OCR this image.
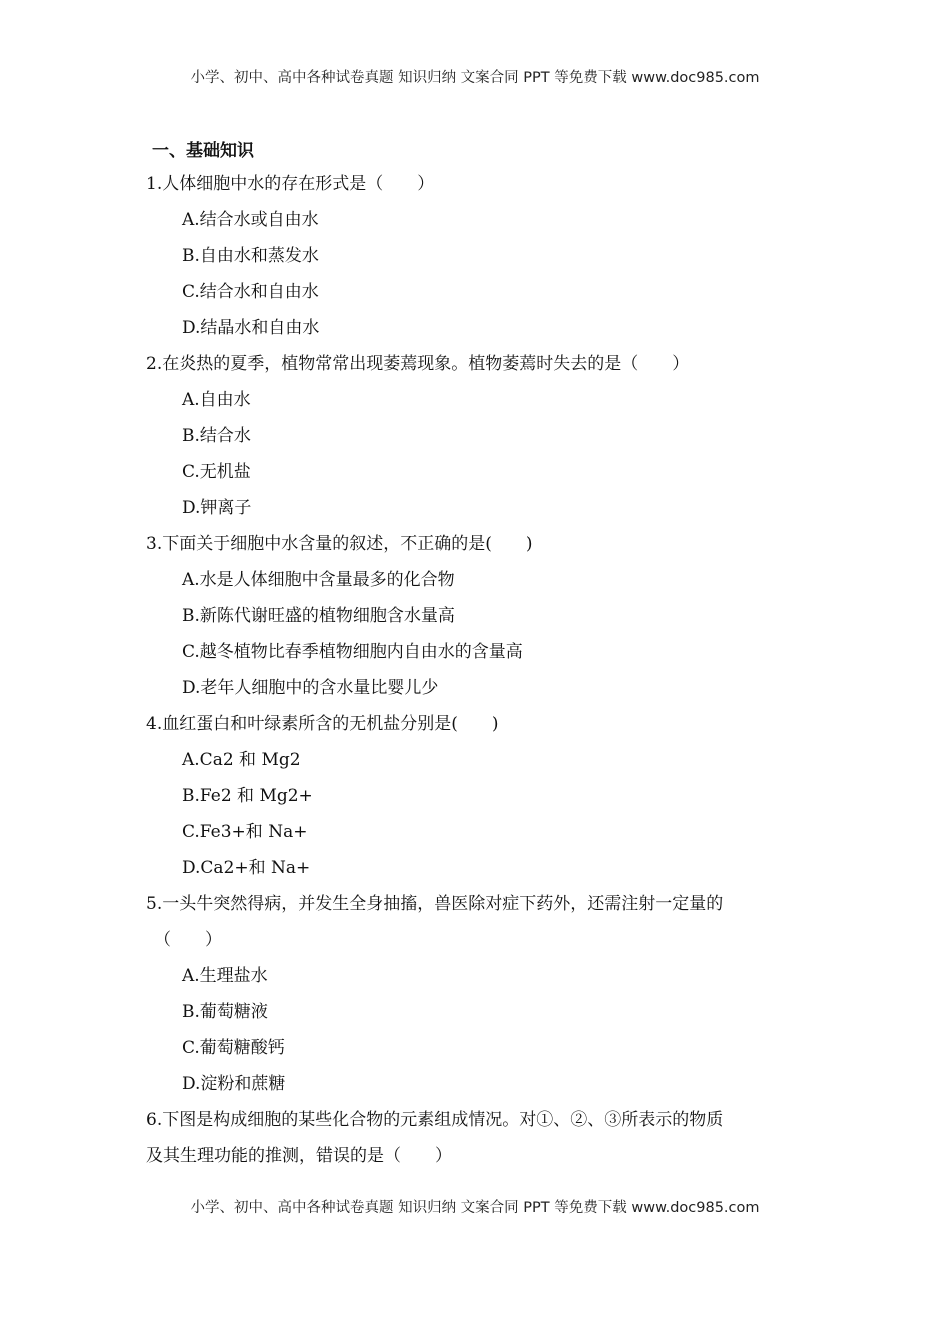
小学、初中、高中各种试卷真题 知识归纳 文案合同 PPT 等免费下载 www.doc985.com
一、基础知识

1.人体细胞中水的存在形式是（　　）

A.结合水或自由水

B.自由水和蒸发水

C.结合水和自由水

D.结晶水和自由水

2.在炎热的夏季，植物常常出现萎蔫现象。植物萎蔫时失去的是（　　）

A.自由水

B.结合水

C.无机盐

D.钾离子

3.下面关于细胞中水含量的叙述，不正确的是(　　)

A.水是人体细胞中含量最多的化合物

B.新陈代谢旺盛的植物细胞含水量高

C.越冬植物比春季植物细胞内自由水的含量高

D.老年人细胞中的含水量比婴儿少

4.血红蛋白和叶绿素所含的无机盐分别是(　　)

A.Ca2 和 Mg2

B.Fe2 和 Mg2+

C.Fe3+和 Na+

D.Ca2+和 Na+

5.一头牛突然得病，并发生全身抽搐，兽医除对症下药外，还需注射一定量的

（　　）

A.生理盐水

B.葡萄糖液

C.葡萄糖酸钙

D.淀粉和蔗糖

6.下图是构成细胞的某些化合物的元素组成情况。对①、②、③所表示的物质

及其生理功能的推测，错误的是（　　）

小学、初中、高中各种试卷真题 知识归纳 文案合同 PPT 等免费下载 www.doc985.com
